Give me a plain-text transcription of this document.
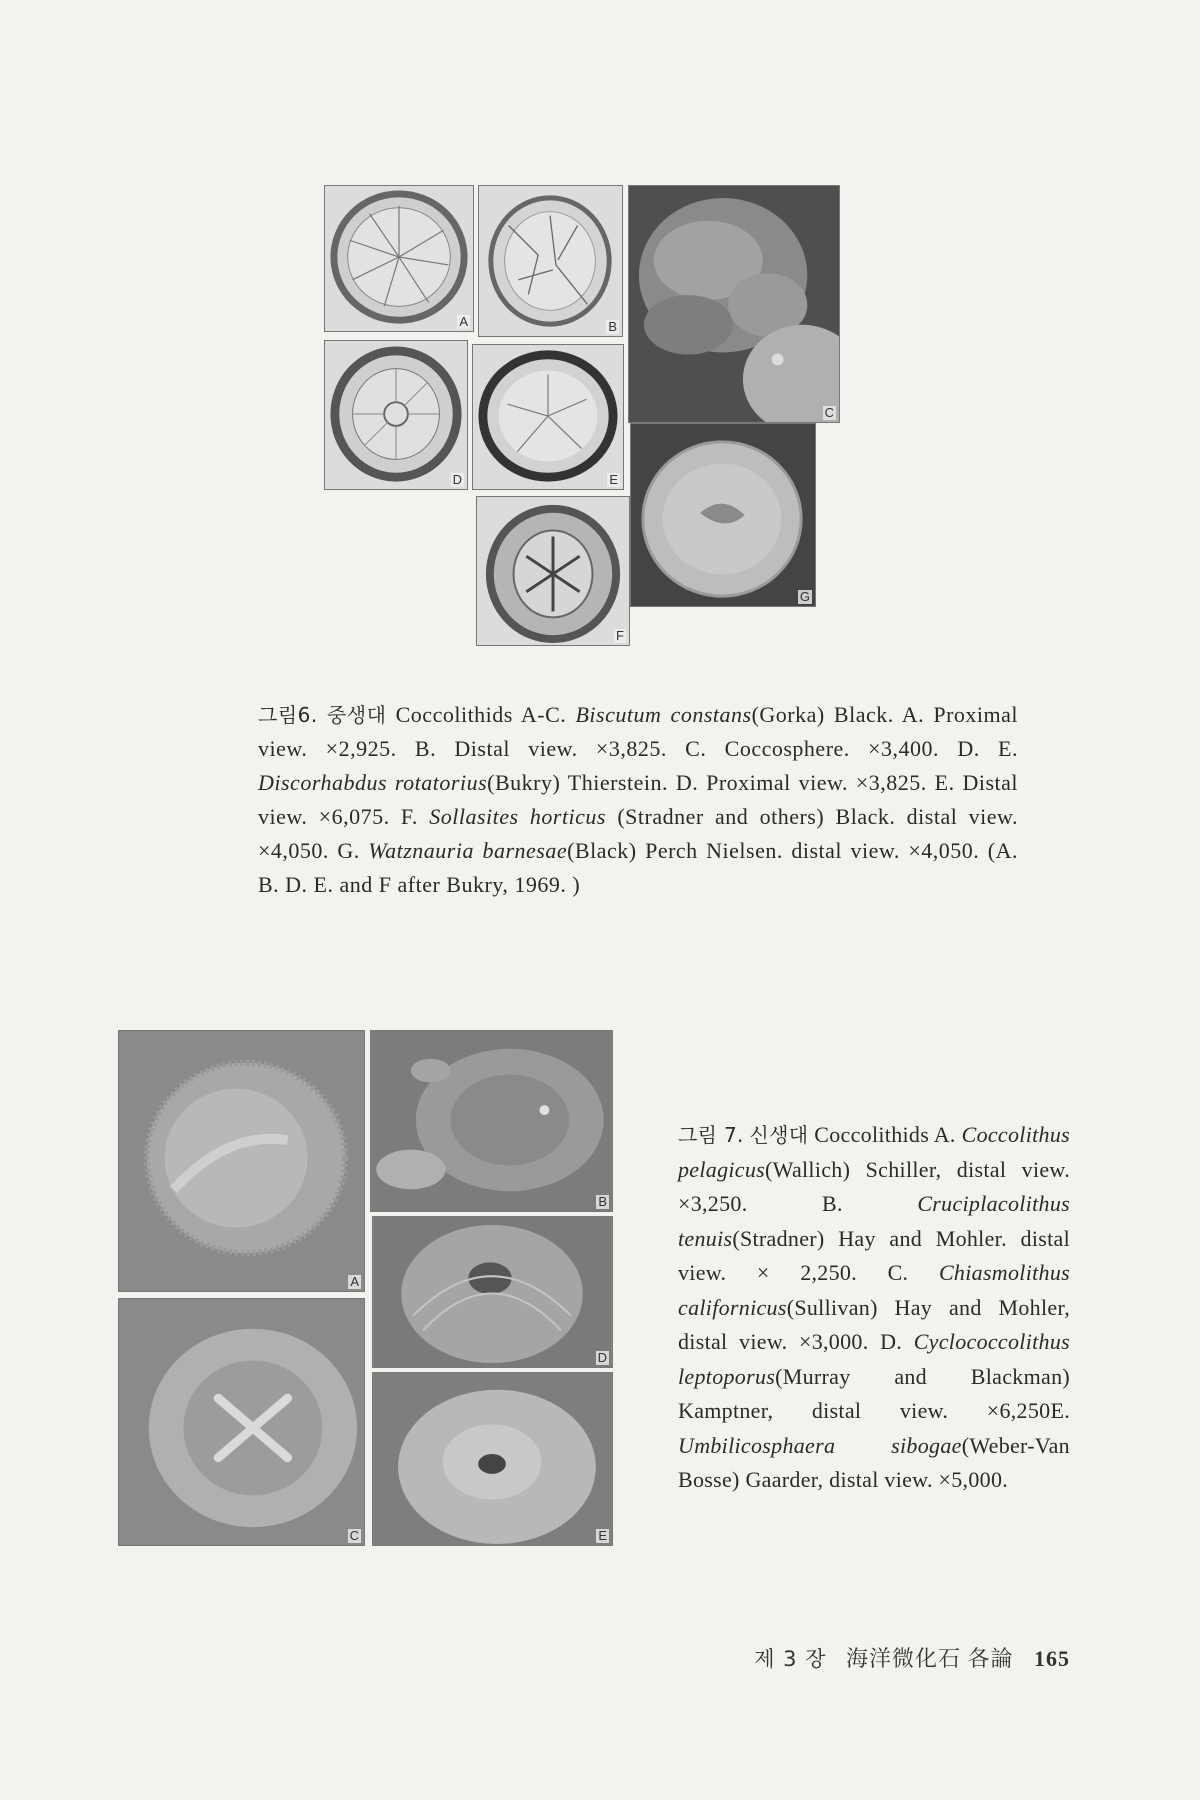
A	B
C
D	E
G
F
그림6. 중생대 Coccolithids A-C. Biscutum constans(Gorka) Black. A. Proximal view. ×2,925. B. Distal view. ×3,825. C. Coccosphere. ×3,400. D. E. Discorhabdus rotatorius(Bukry) Thierstein. D. Proximal view. ×3,825. E. Distal view. ×6,075. F. Sollasites horticus (Stradner and others) Black. distal view. ×4,050. G. Watznauria barnesae(Black) Perch Nielsen. distal view. ×4,050. (A. B. D. E. and F after Bukry, 1969. )
A
B
C
D
E
그림 7. 신생대 Coccolithids A. Coccolithus pelagicus(Wallich) Schiller, distal view. ×3,250. B. Cruciplacolithus tenuis(Stradner) Hay and Mohler. distal view. × 2,250. C. Chiasmolithus californicus(Sullivan) Hay and Mohler, distal view. ×3,000. D. Cyclococcolithus leptoporus(Murray and Blackman) Kamptner, distal view. ×6,250E. Umbilicosphaera sibogae(Weber-Van Bosse) Gaarder, distal view. ×5,000.
제 3 장 海洋微化石 各論 165
